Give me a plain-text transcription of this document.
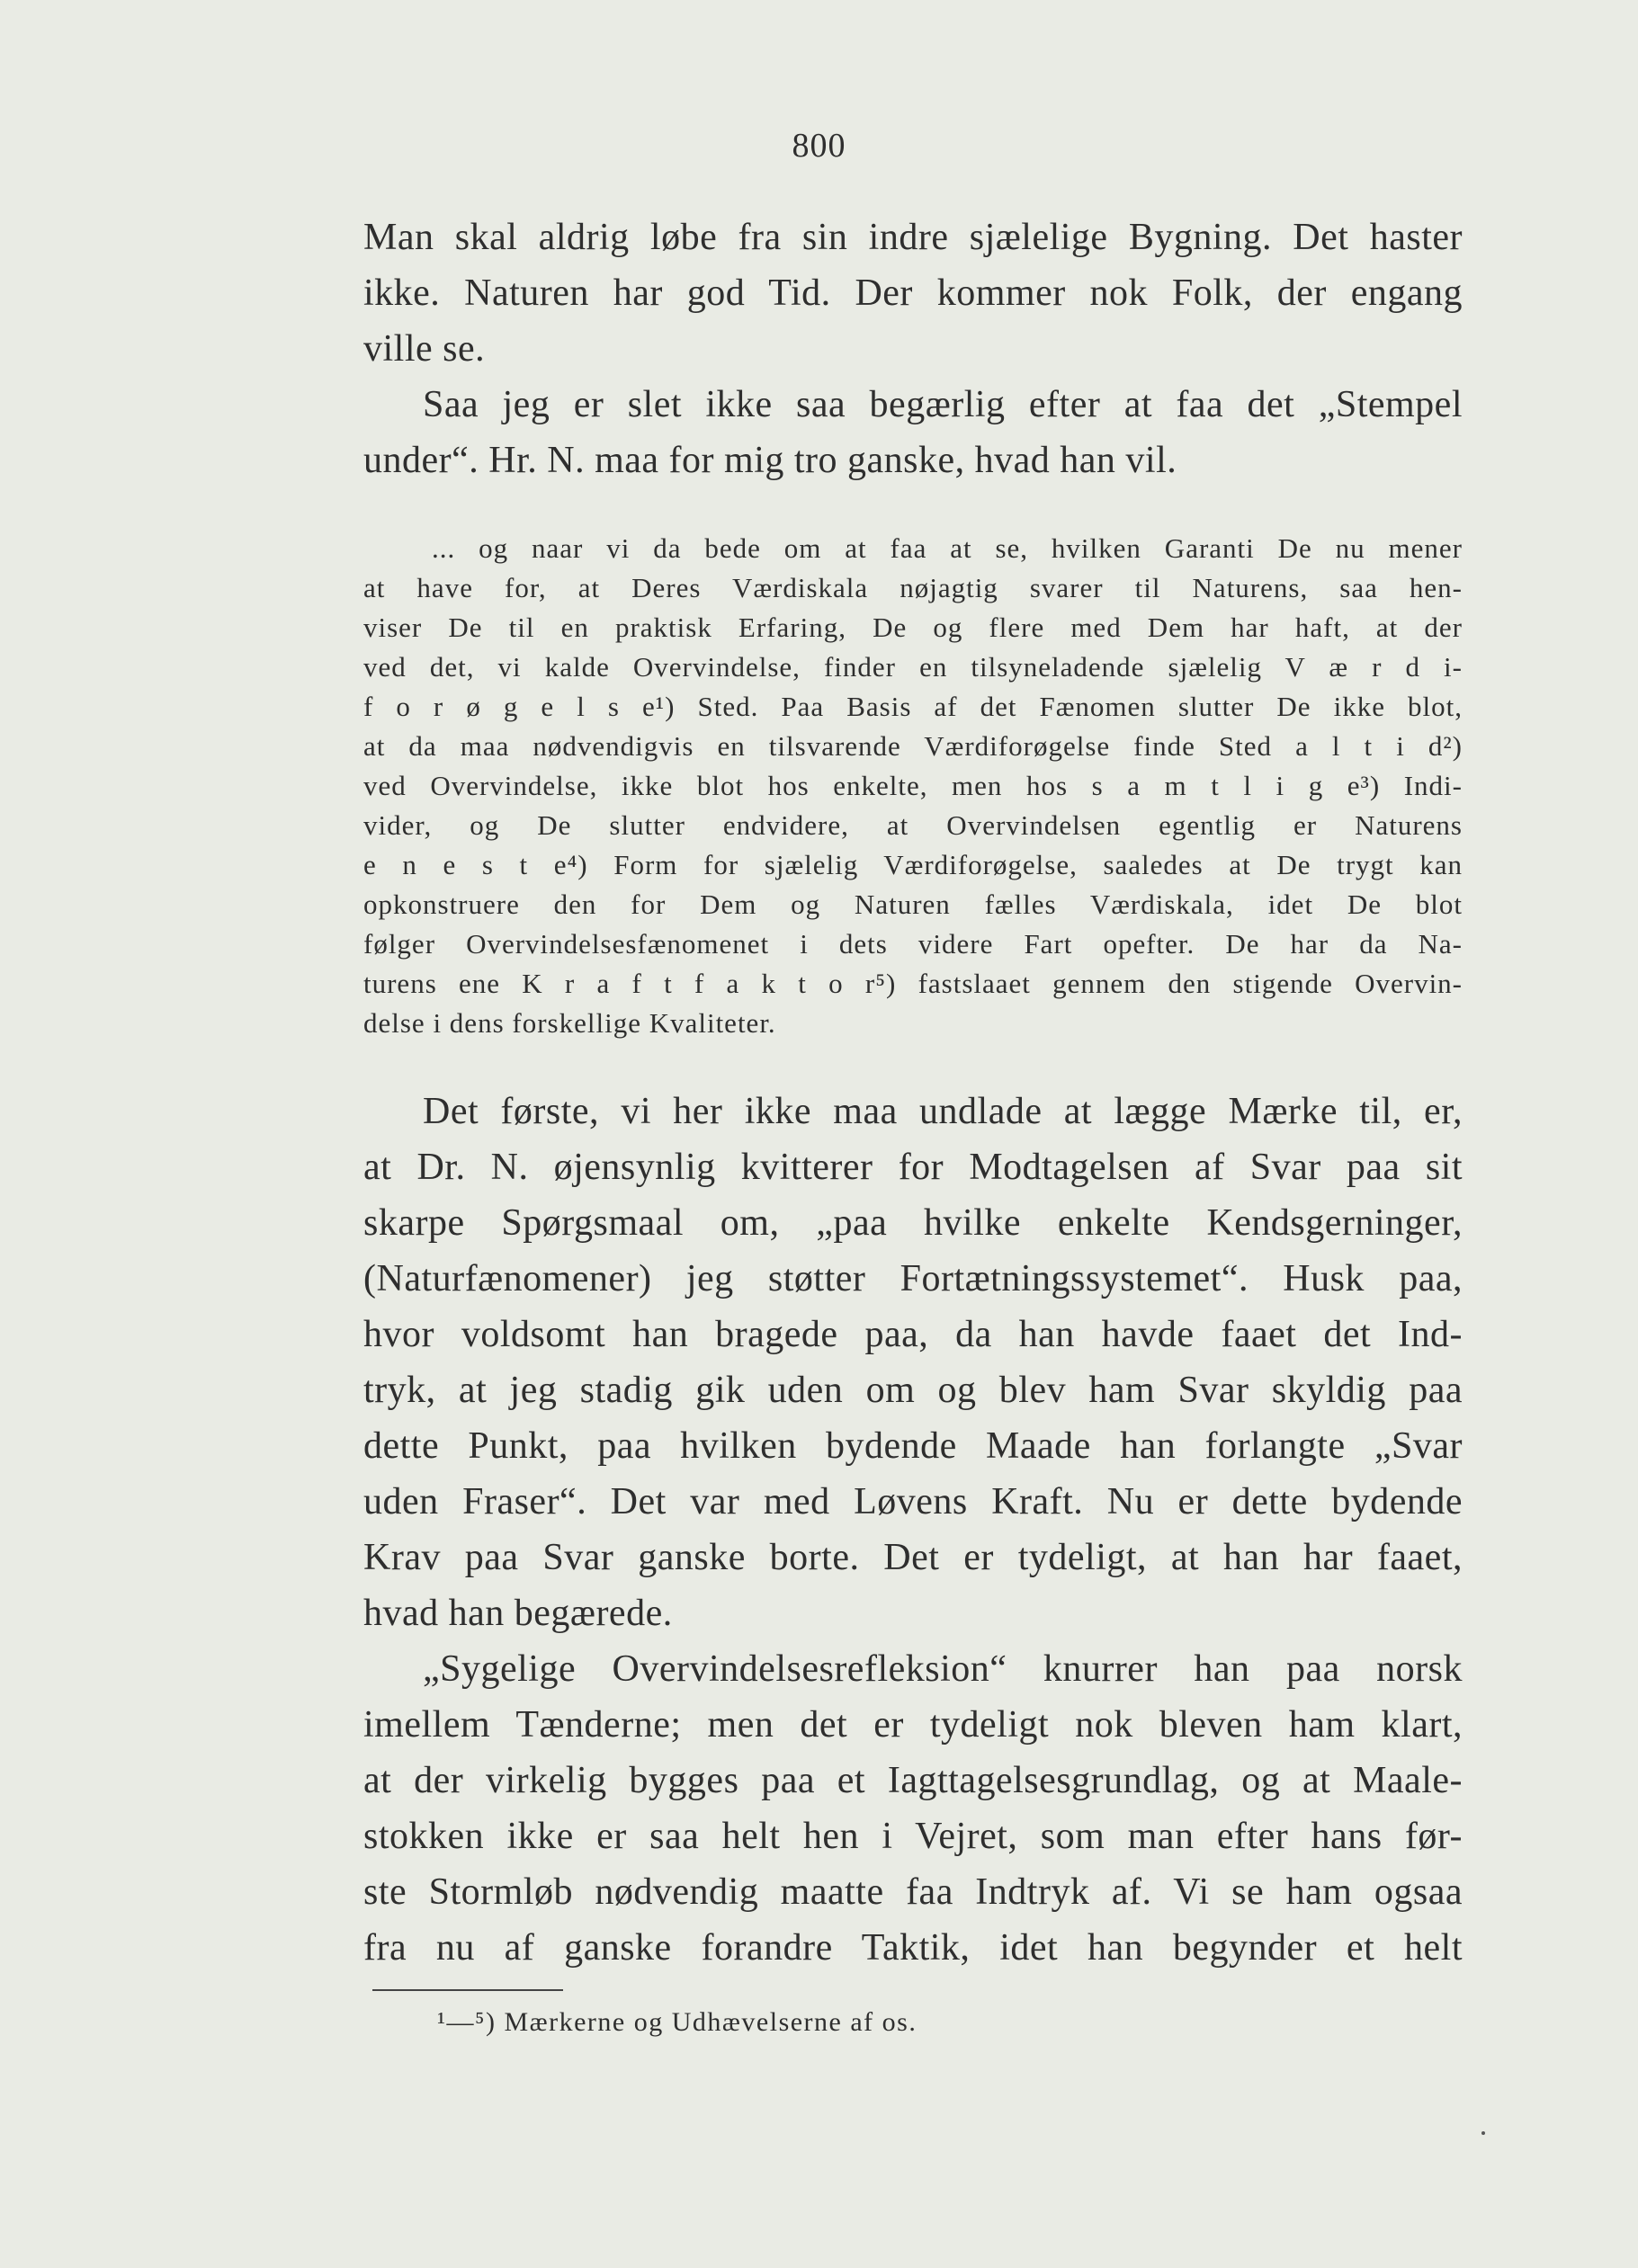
800
Man skal aldrig løbe fra sin indre sjælelige Bygning. Det haster
ikke. Naturen har god Tid. Der kommer nok Folk, der engang
ville se.
Saa jeg er slet ikke saa begærlig efter at faa det „Stempel
under“. Hr. N. maa for mig tro ganske, hvad han vil.
... og naar vi da bede om at faa at se, hvilken Garanti De nu mener
at have for, at Deres Værdiskala nøjagtig svarer til Naturens, saa hen-
viser De til en praktisk Erfaring, De og flere med Dem har haft, at der
ved det, vi kalde Overvindelse, finder en tilsyneladende sjælelig V æ r d i-
f o r ø g e l s e¹) Sted. Paa Basis af det Fænomen slutter De ikke blot,
at da maa nødvendigvis en tilsvarende Værdiforøgelse finde Sted a l t i d²)
ved Overvindelse, ikke blot hos enkelte, men hos s a m t l i g e³) Indi-
vider, og De slutter endvidere, at Overvindelsen egentlig er Naturens
e n e s t e⁴) Form for sjælelig Værdiforøgelse, saaledes at De trygt kan
opkonstruere den for Dem og Naturen fælles Værdiskala, idet De blot
følger Overvindelsesfænomenet i dets videre Fart opefter. De har da Na-
turens ene K r a f t f a k t o r⁵) fastslaaet gennem den stigende Overvin-
delse i dens forskellige Kvaliteter.
Det første, vi her ikke maa undlade at lægge Mærke til, er,
at Dr. N. øjensynlig kvitterer for Modtagelsen af Svar paa sit
skarpe Spørgsmaal om, „paa hvilke enkelte Kendsgerninger,
(Naturfænomener) jeg støtter Fortætningssystemet“. Husk paa,
hvor voldsomt han bragede paa, da han havde faaet det Ind-
tryk, at jeg stadig gik uden om og blev ham Svar skyldig paa
dette Punkt, paa hvilken bydende Maade han forlangte „Svar
uden Fraser“. Det var med Løvens Kraft. Nu er dette bydende
Krav paa Svar ganske borte. Det er tydeligt, at han har faaet,
hvad han begærede.
„Sygelige Overvindelsesrefleksion“ knurrer han paa norsk
imellem Tænderne; men det er tydeligt nok bleven ham klart,
at der virkelig bygges paa et Iagttagelsesgrundlag, og at Maale-
stokken ikke er saa helt hen i Vejret, som man efter hans før-
ste Stormløb nødvendig maatte faa Indtryk af. Vi se ham ogsaa
fra nu af ganske forandre Taktik, idet han begynder et helt
¹—⁵) Mærkerne og Udhævelserne af os.
